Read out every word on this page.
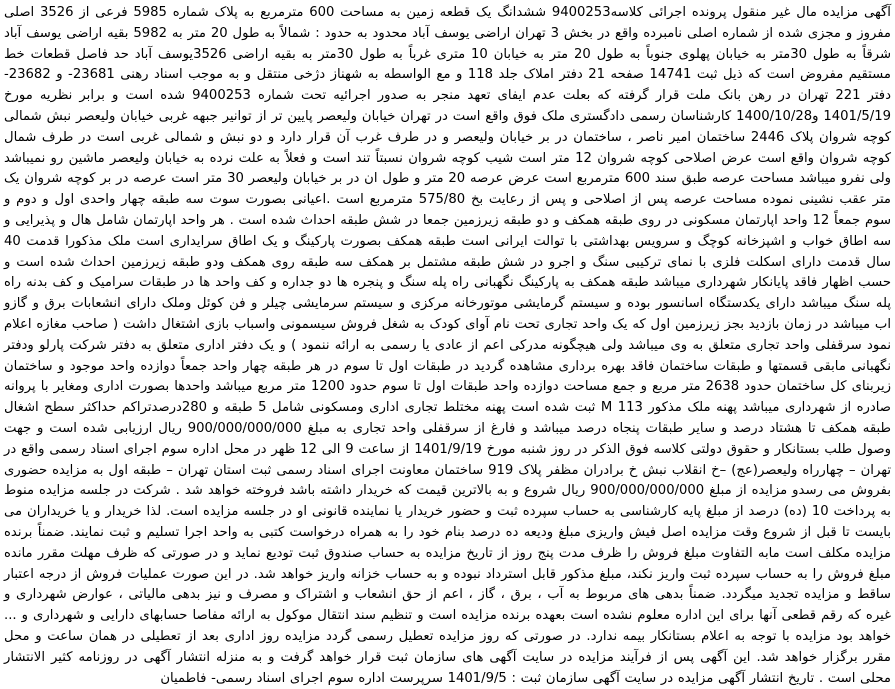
آگهی مزایده مال غیر منقول پرونده اجرائی کلاسه9400253 ششدانگ یک قطعه زمین به مساحت 600 مترمربع به پلاک شماره 5985 فرعی از 3526 اصلی مفروز و مجزی شده از شماره اصلی نامبرده واقع در بخش 3 تهران اراضی یوسف آباد محدود به حدود : شمالاً به طول 20 متر به 5982 بقیه اراضی یوسف آباد شرقاً به طول 30متر به خیابان پهلوی جنوباً به طول 20 متر به خیابان 10 متری غرباً به طول 30متر به بقیه اراضی 3526یوسف آباد حد فاصل قطعات خط مستقیم مفروض است که ذیل ثبت 14741 صفحه 21 دفتر املاک جلد 118 و مع الواسطه به شهناز دژخی منتقل و به موجب اسناد رهنی 23681- و 23682- دفتر 221 تهران در رهن بانک ملت قرار گرفته که بعلت عدم ایفای تعهد منجر به صدور اجرائیه تحت شماره 9400253 شده است و برابر نظریه مورخ 1401/5/19 و1400/10/28 کارشناسان رسمی دادگستری ملک فوق واقع است در تهران خیابان ولیعصر پایین تر از توانیر جبهه غربی خیابان ولیعصر نبش شمالی کوچه شروان پلاک 2446 ساختمان امیر ناصر ، ساختمان در بر خیابان ولیعصر و در طرف غرب آن قرار دارد و دو نبش و شمالی غربی است در طرف شمال کوچه شروان واقع است عرض اصلاحی کوچه شروان 12 متر است شیب کوچه شروان نسبتاً تند است و فعلاً به علت نرده به خیابان ولیعصر ماشین رو نمیباشد ولی نفرو میباشد مساحت عرصه طبق سند 600 مترمربع است عرض عرصه 20 متر و طول ان در بر خیابان ولیعصر 30 متر است عرصه در بر کوچه شروان یک متر عقب نشینی نموده مساحت عرصه پس از اصلاحی و پس از رعایت بخ 575/80 مترمربع است .اعیانی بصورت سوت سه طبقه چهار واحدی اول و دوم و سوم جمعاً 12 واحد اپارتمان مسکونی در روی طبقه همکف و دو طبقه زیرزمین جمعا در شش طبقه احداث شده است . هر واحد اپارتمان شامل هال و پذیرایی و سه اطاق خواب و اشپزخانه کوچگ و سرویس بهداشتی با توالت ایرانی است طبقه همکف بصورت پارکینگ و یک اطاق سرایداری است ملک مذکورا قدمت 40 سال قدمت دارای اسکلت فلزی با نمای ترکیبی سنگ و اجرو در شش طبقه مشتمل بر همکف سه طبقه روی همکف ودو طبقه زیرزمین احداث شده است و حسب اظهار فاقد پایانکار شهرداری میباشد طبقه همکف به پارکینگ نگهبانی راه پله سنگ و پنجره ها دو جداره و کف واحد ها در طبقات سرامیک و کف بدنه راه پله سنگ میباشد دارای یکدستگاه اسانسور بوده و سیستم گرمایشی موتورخانه مرکزی و سیستم سرمایشی چیلر و فن کوئل وملک دارای انشعابات برق و گازو اب میباشد در زمان بازدید بجز زیرزمین اول که یک واحد تجاری تحت نام آوای کودک به شغل فروش سیسمونی واسباب بازی اشتغال داشت ( صاحب مغازه اعلام نمود سرقفلی واحد تجاری متعلق به وی میباشد ولی هیچگونه مدرکی اعم از عادی یا رسمی به ارائه ننمود ) و یک دفتر اداری متعلق به دفتر شرکت پارلو ودفتر نگهبانی مابقی قسمتها و طبقات ساختمان فاقد بهره برداری مشاهده گردید در طبقات اول تا سوم در هر طبقه چهار واحد جمعاً دوازده واحد موجود و ساختمان زیربنای کل ساختمان حدود 2638 متر مربع و جمع مساحت دوازده واحد طبقات اول تا سوم حدود 1200 متر مربع میباشد واحدها بصورت اداری ومغایر با پروانه صادره از شهرداری میباشد پهنه ملک مذکور M 113 ثبت شده است پهنه مختلط تجاری اداری ومسکونی شامل 5 طبقه و 280درصدتراکم حداکثر سطح اشغال طبقه همکف تا هشتاد درصد و سایر طبقات پنجاه درصد میباشد و فارغ از سرقفلی واحد تجاری به مبلغ 900/000/000/000 ریال ارزیابی شده است و جهت وصول طلب بستانکار و حقوق دولتی کلاسه فوق الذکر در روز شنبه مورخ 1401/9/19 از ساعت 9 الی 12 ظهر در محل اداره سوم اجرای اسناد رسمی واقع در تهران – چهارراه ولیعصر(عج) –خ انقلاب نبش خ برادران مظفر پلاک 919 ساختمان معاونت اجرای اسناد رسمی ثبت استان تهران – طبقه اول به مزایده حضوری بفروش می رسدو مزایده از مبلغ 900/000/000/000 ریال شروع و به بالاترین قیمت که خریدار داشته باشد فروخته خواهد شد . شرکت در جلسه مزایده منوط به پرداخت 10 (ده) درصد از مبلغ پایه کارشناسی به حساب سپرده ثبت و حضور خریدار یا نماینده قانونی او در جلسه مزایده است. لذا خریدار و یا خریداران می بایست تا قبل از شروع وقت مزایده اصل فیش واریزی مبلغ ودیعه ده درصد بنام خود را به همراه درخواست کتبی به واحد اجرا تسلیم و ثبت نمایند. ضمناً برنده مزایده مکلف است مابه التفاوت مبلغ فروش را ظرف مدت پنج روز از تاریخ مزایده به حساب صندوق ثبت تودیع نماید و در صورتی که ظرف مهلت مقرر مانده مبلغ فروش را به حساب سپرده ثبت واریز نکند، مبلغ مذکور قابل استرداد نبوده و به حساب خزانه واریز خواهد شد. در این صورت عملیات فروش از درجه اعتبار ساقط و مزایده تجدید میگردد. ضمناً بدهی های مربوط به آب ، برق ، گاز ، اعم از حق انشعاب و اشتراک و مصرف و نیز بدهی مالیاتی ، عوارض شهرداری و غیره که رقم قطعی آنها برای این اداره معلوم نشده است بعهده برنده مزایده است و تنظیم سند انتقال موکول به ارائه مفاصا حسابهای دارایی و شهرداری و ... خواهد بود مزایده با توجه به اعلام بستانکار بیمه ندارد. در صورتی که روز مزایده تعطیل رسمی گردد مزایده روز اداری بعد از تعطیلی در همان ساعت و محل مقرر برگزار خواهد شد. این آگهی پس از فرآیند مزایده در سایت آگهی های سازمان ثبت قرار خواهد گرفت و به منزله انتشار آگهی در روزنامه کثیر الانتشار محلی است . تاریخ انتشار آگهی مزایده در سایت آگهی سازمان ثبت : 1401/9/5 سرپرست اداره سوم اجرای اسناد رسمی- فاطمیان
